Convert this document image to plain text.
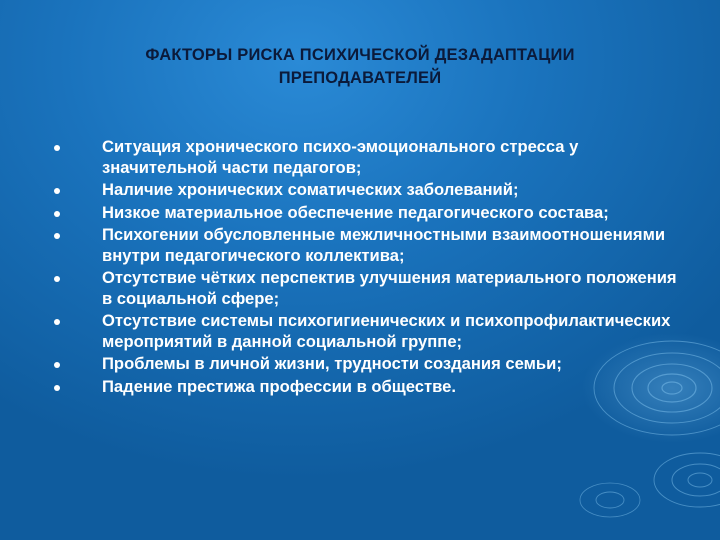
ФАКТОРЫ РИСКА ПСИХИЧЕСКОЙ ДЕЗАДАПТАЦИИ
ПРЕПОДАВАТЕЛЕЙ
Ситуация хронического психо-эмоционального стресса у значительной части педагогов;
Наличие хронических соматических заболеваний;
Низкое материальное обеспечение педагогического состава;
Психогении обусловленные межличностными взаимоотношениями внутри педагогического коллектива;
Отсутствие чётких перспектив улучшения материального положения в социальной сфере;
Отсутствие системы психогигиенических и психопрофилактических мероприятий в данной социальной группе;
Проблемы в личной жизни, трудности создания семьи;
Падение престижа профессии в обществе.
